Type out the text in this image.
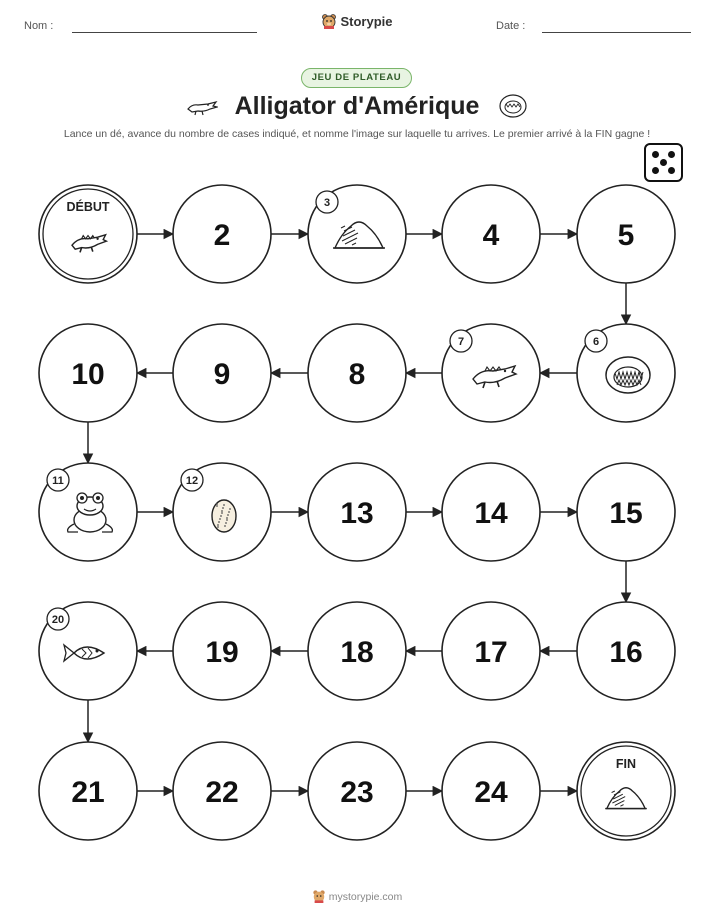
Nom :	Storypie	Date :
JEU DE PLATEAU
Alligator d'Amérique
Lance un dé, avance du nombre de cases indiqué, et nomme l'image sur laquelle tu arrives. Le premier arrivé à la FIN gagne !
DÉBUT
2
3
4	5
6
7
8
9
10
11	12
13	14	15
16
17
18
19
20
21	22	23	24
FIN
mystorypie.com
